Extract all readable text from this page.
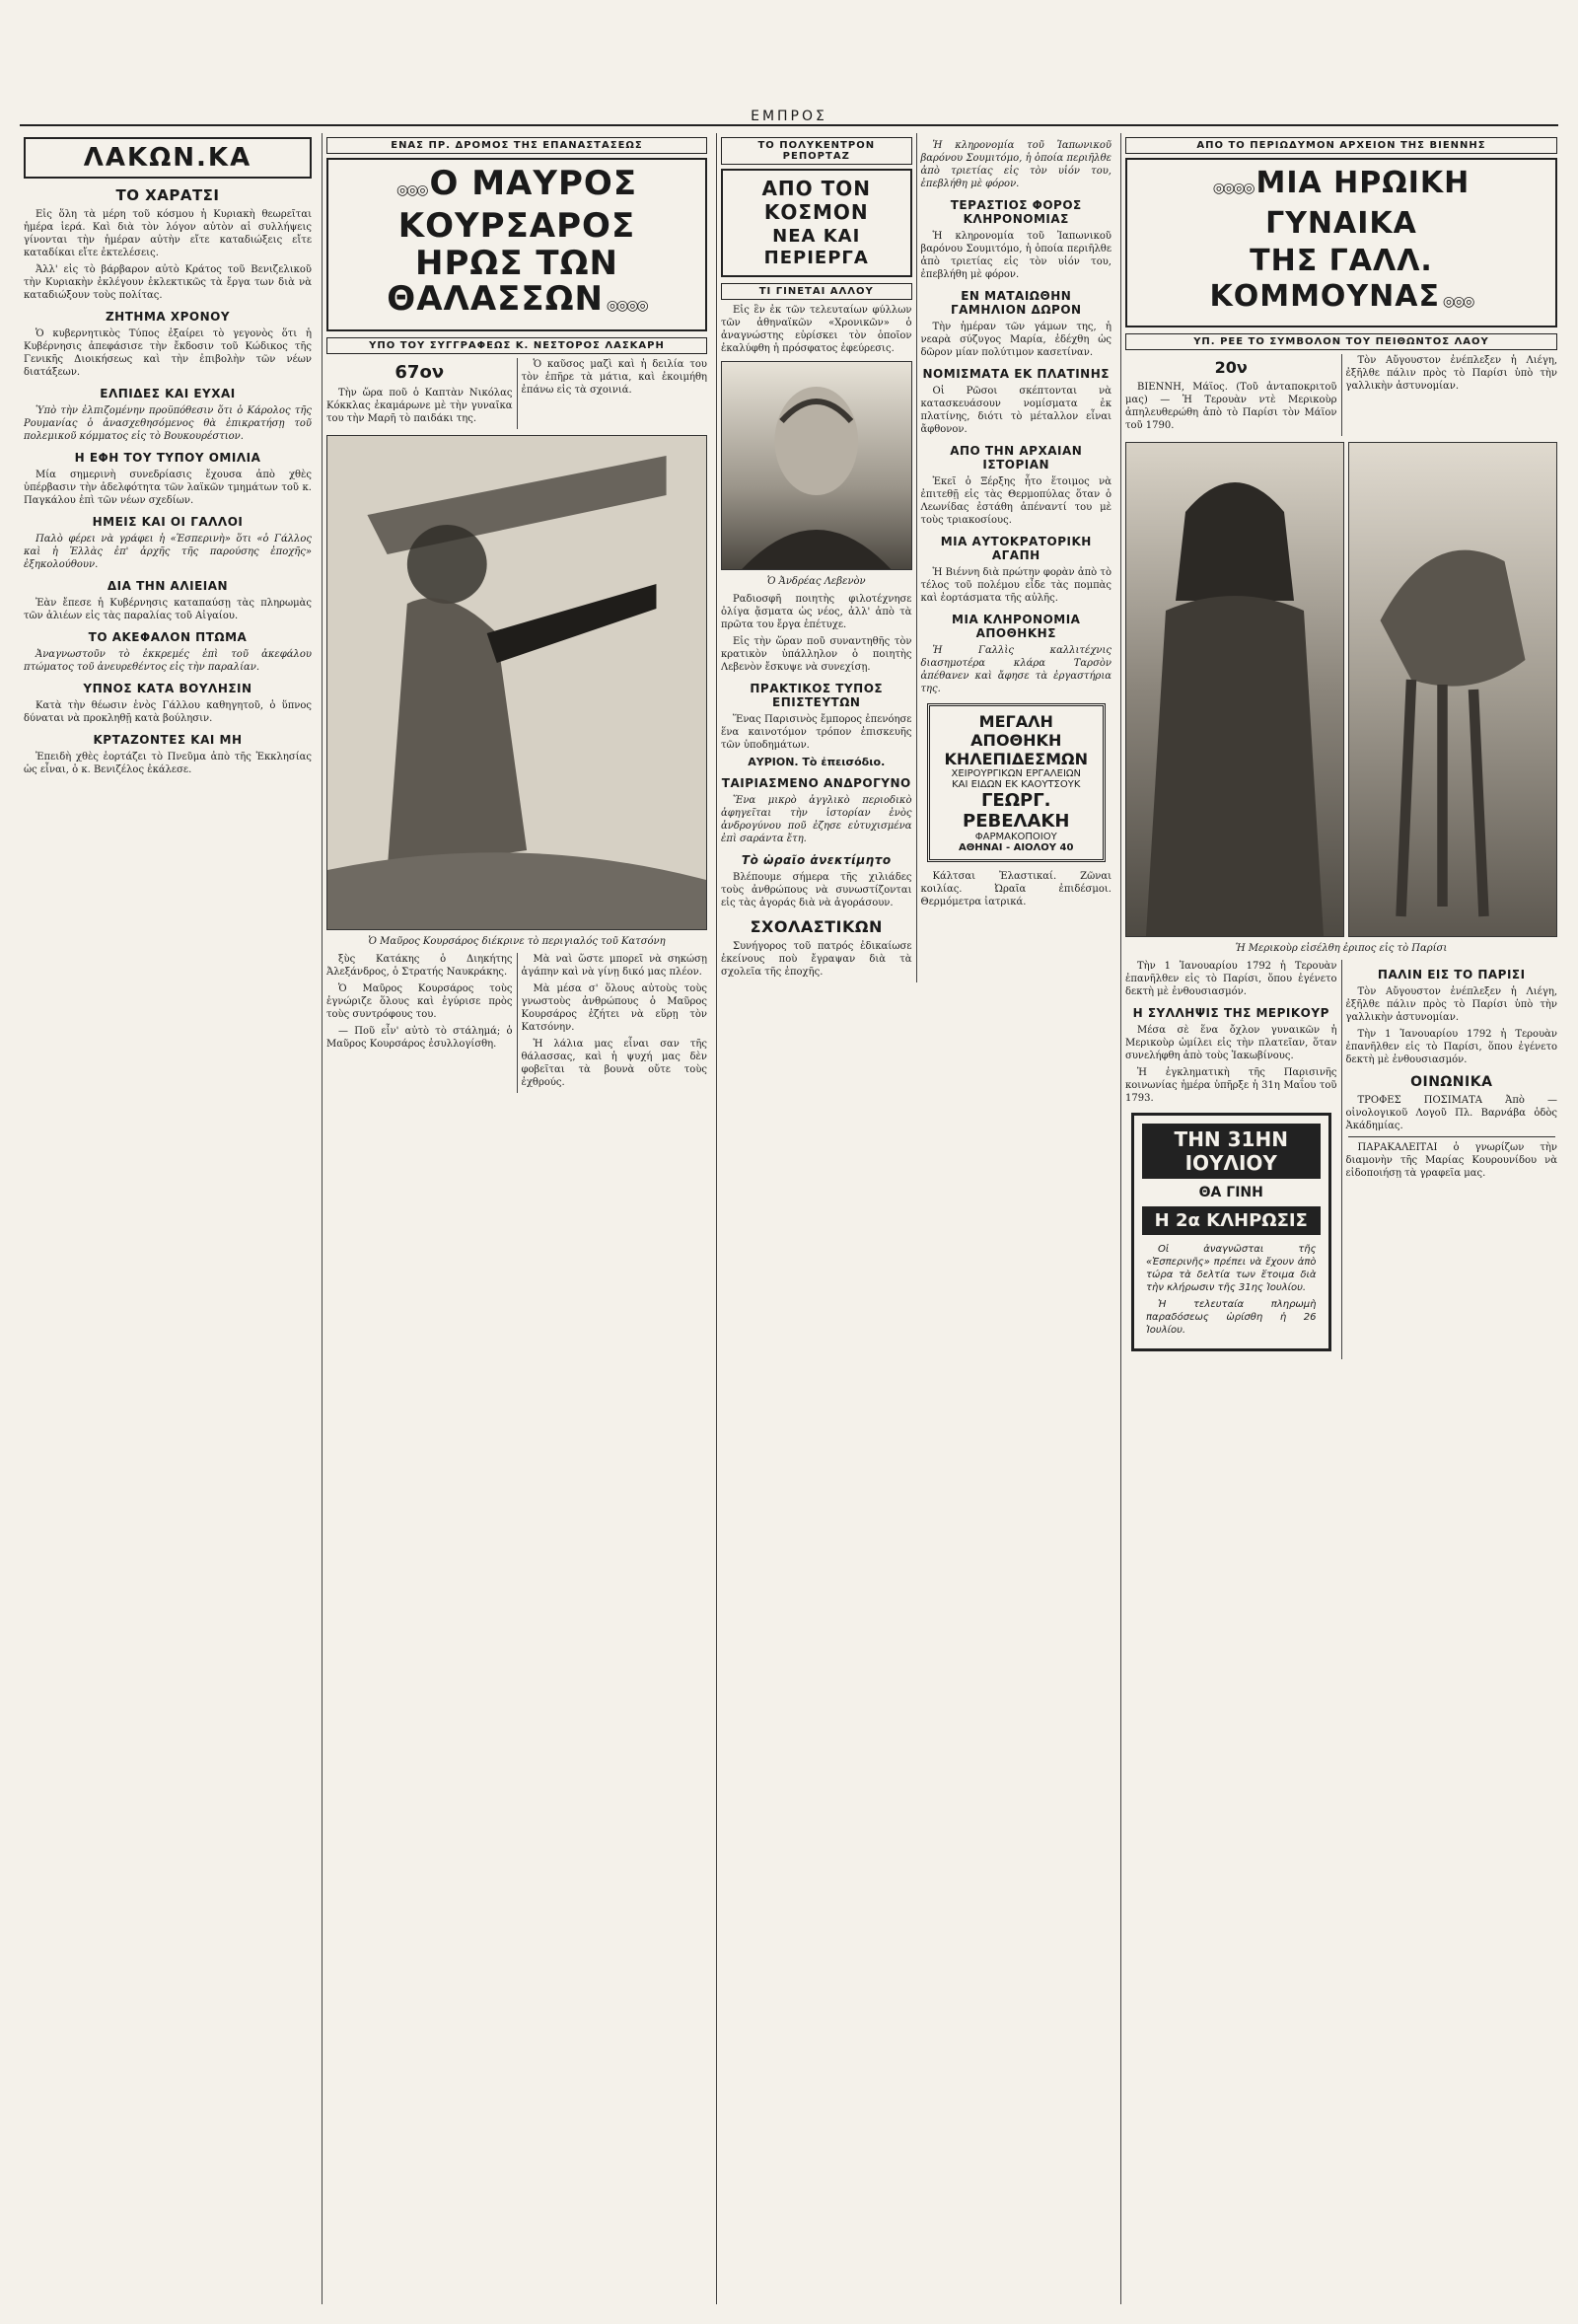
ΕΜΠΡΟΣ
ΛΑΚΩΝ.ΚΑ
ΤΟ ΧΑΡΑΤΣΙ

Εἰς ὅλη τὰ μέρη τοῦ κόσμου ἡ Κυριακὴ θεωρεῖται ἡμέρα ἱερά. Καὶ διὰ τὸν λόγον αὐτὸν αἱ συλλήψεις γίνονται τὴν ἡμέραν αὐτὴν εἴτε καταδιώξεις εἴτε καταδίκαι εἴτε ἐκτελέσεις.

Ἀλλ' εἰς τὸ βάρβαρον αὐτὸ Κράτος τοῦ Βενιζελικοῦ τὴν Κυριακὴν ἐκλέγουν ἐκλεκτικῶς τὰ ἔργα των διὰ νὰ καταδιώξουν τοὺς πολίτας.

ΖΗΤΗΜΑ ΧΡΟΝΟΥ

Ὁ κυβερνητικὸς Τύπος ἐξαίρει τὸ γεγονὸς ὅτι ἡ Κυβέρνησις ἀπεφάσισε τὴν ἔκδοσιν τοῦ Κώδικος τῆς Γενικῆς Διοικήσεως καὶ τὴν ἐπιβολὴν τῶν νέων διατάξεων.

ΕΛΠΙΔΕΣ ΚΑΙ ΕΥΧΑΙ

Ὑπὸ τὴν ἐλπιζομένην προϋπόθεσιν ὅτι ὁ Κάρολος τῆς Ρουμανίας ὁ ἀνασχεθησόμενος θὰ ἐπικρατήσῃ τοῦ πολεμικοῦ κόμματος εἰς τὸ Βουκουρέστιον.

Η ΕΦΗ ΤΟΥ ΤΥΠΟΥ ΟΜΙΛΙΑ

Μία σημερινὴ συνεδρίασις ἔχουσα ἀπὸ χθὲς ὑπέρβασιν τὴν ἀδελφότητα τῶν λαϊκῶν τμημάτων τοῦ κ. Παγκάλου ἐπὶ τῶν νέων σχεδίων.

ΗΜΕΙΣ ΚΑΙ ΟΙ ΓΑΛΛΟΙ

Παλὸ φέρει νὰ γράφει ἡ «Ἑσπερινὴ» ὅτι «ὁ Γάλλος καὶ ἡ Ἑλλὰς ἐπ' ἀρχῆς τῆς παρούσης ἐποχῆς» ἐξηκολούθουν.

ΔΙΑ ΤΗΝ ΑΛΙΕΙΑΝ

Ἐὰν ἔπεσε ἡ Κυβέρνησις καταπαύσῃ τὰς πληρωμὰς τῶν ἁλιέων εἰς τὰς παραλίας τοῦ Αἰγαίου.

ΤΟ ΑΚΕΦΑΛΟΝ ΠΤΩΜΑ

Ἀναγνωστοῦν τὸ ἐκκρεμές ἐπὶ τοῦ ἀκεφάλου πτώματος τοῦ ἀνευρεθέντος εἰς τὴν παραλίαν.

ΥΠΝΟΣ ΚΑΤΑ ΒΟΥΛΗΣΙΝ

Κατὰ τὴν θέωσιν ἑνὸς Γάλλου καθηγητοῦ, ὁ ὕπνος δύναται νὰ προκληθῇ κατὰ βούλησιν.

ΚΡΤΑΖΟΝΤΕΣ ΚΑΙ ΜΗ

Ἐπειδὴ χθὲς ἑορτάζει τὸ Πνεῦμα ἀπὸ τῆς Ἐκκλησίας ὡς εἶναι, ὁ κ. Βενιζέλος ἐκάλεσε.

ΕΝΑΣ ΠΡ. ΔΡΟΜΟΣ ΤΗΣ ΕΠΑΝΑΣΤΑΣΕΩΣ
◎◎◎ Ο ΜΑΥΡΟΣ ΚΟΥΡΣΑΡΟΣ
ΗΡΩΣ ΤΩΝ ΘΑΛΑΣΣΩΝ ◎◎◎◎
ΥΠΟ ΤΟΥ ΣΥΓΓΡΑΦΕΩΣ Κ. ΝΕΣΤΟΡΟΣ ΛΑΣΚΑΡΗ
67ον

Τὴν ὥρα ποῦ ὁ Καπτὰν Νικόλας Κόκκλας ἐκαμάρωνε μὲ τὴν γυναῖκα του τὴν Μαρῆ τὸ παιδάκι της.

Ὁ καῦσος μαζὶ καὶ ἡ δειλία του τὸν ἐπῆρε τὰ μάτια, καὶ ἐκοιμήθη ἐπάνω εἰς τὰ σχοινιά.

Ὁ Μαῦρος Κουρσάρος διέκρινε τὸ περιγιαλός τοῦ Κατσόνη

ξὺς Κατάκης ὁ Διηκήτης Ἀλεξάνδρος, ὁ Στρατής Ναυκράκης.

Ὁ Μαῦρος Κουρσάρος τοὺς ἐγνώριζε ὅλους καὶ ἐγύρισε πρὸς τοὺς συντρόφους του.

— Ποῦ εἶν' αὐτὸ τὸ στάλημά; ὁ Μαῦρος Κουρσάρος ἐσυλλογίσθη.

Μὰ ναὶ ὥστε μπορεῖ νὰ σηκώσῃ ἀγάπην καὶ νὰ γίνῃ δικό μας πλέον.

Μὰ μέσα σ' ὅλους αὐτοὺς τοὺς γνωστοὺς ἀνθρώπους ὁ Μαῦρος Κουρσάρος ἐζήτει νὰ εὕρῃ τὸν Κατσόνην.

Ἡ λάλια μας εἶναι σαν τῆς θάλασσας, καὶ ἡ ψυχή μας δὲν φοβεῖται τὰ βουνὰ οὔτε τοὺς ἐχθρούς.

ΤΟ ΠΟΛΥΚΕΝΤΡΟΝ ΡΕΠΟΡΤΑΖ
ΑΠΟ ΤΟΝ ΚΟΣΜΟΝ
ΝΕΑ ΚΑΙ ΠΕΡΙΕΡΓΑ
ΤΙ ΓΙΝΕΤΑΙ ΑΛΛΟΥ

Εἰς ἓν ἐκ τῶν τελευταίων φύλλων τῶν ἀθηναϊκῶν «Χρονικῶν» ὁ ἀναγνώστης εὑρίσκει τὸν ὁποῖον ἐκαλύφθη ἡ πρόσφατος ἐφεύρεσις.

Ὁ Ἀνδρέας Λεβενὸν

Ραδιοσφῆ ποιητὴς φιλοτέχνησε ὀλίγα ᾄσματα ὡς νέος, ἀλλ' ἀπὸ τὰ πρῶτα του ἔργα ἐπέτυχε.

Εἰς τὴν ὥραν ποῦ συναντηθῆς τὸν κρατικὸν ὑπάλληλον ὁ ποιητὴς Λεβενὸν ἔσκυψε νὰ συνεχίσῃ.

ΠΡΑΚΤΙΚΟΣ ΤΥΠΟΣ ΕΠΙΣΤΕΥΤΩΝ

Ἕνας Παρισινὸς ἔμπορος ἐπενόησε ἕνα καινοτόμον τρόπον ἐπισκευῆς τῶν ὑποδημάτων.

ΑΥΡΙΟΝ. Τὸ ἐπεισόδιο.
ΤΑΙΡΙΑΣΜΕΝΟ ΑΝΔΡΟΓΥΝΟ

Ἕνα μικρὸ ἀγγλικὸ περιοδικὸ ἀφηγεῖται τὴν ἱστορίαν ἑνὸς ἀνδρογύνου ποῦ ἐζησε εὐτυχισμένα ἐπὶ σαράντα ἔτη.

Τὸ ὡραῖο ἀνεκτίμητο

Βλέπουμε σήμερα τῆς χιλιάδες τοὺς ἀνθρώπους νὰ συνωστίζονται εἰς τὰς ἀγοράς διὰ νὰ ἀγοράσουν.

ΣΧΟΛΑΣΤΙΚΩΝ

Συνήγορος τοῦ πατρός ἐδικαίωσε ἐκείνους ποὺ ἔγραψαν διὰ τὰ σχολεῖα τῆς ἐποχῆς.

Ἡ κληρονομία τοῦ Ἰαπωνικοῦ βαρόνου Σουμιτόμο, ἡ ὁποία περιῆλθε ἀπὸ τριετίας εἰς τὸν υἱόν του, ἐπεβλήθη μὲ φόρον.

ΤΕΡΑΣΤΙΟΣ ΦΟΡΟΣ ΚΛΗΡΟΝΟΜΙΑΣ

Ἡ κληρονομία τοῦ Ἰαπωνικοῦ βαρόνου Σουμιτόμο, ἡ ὁποία περιῆλθε ἀπὸ τριετίας εἰς τὸν υἱόν του, ἐπεβλήθη μὲ φόρον.

ΕΝ ΜΑΤΑΙΩΘΗΝ ΓΑΜΗΛΙΟΝ ΔΩΡΟΝ

Τὴν ἡμέραν τῶν γάμων της, ἡ νεαρὰ σύζυγος Μαρία, ἐδέχθη ὡς δῶρον μίαν πολύτιμον κασετίναν.

ΝΟΜΙΣΜΑΤΑ ΕΚ ΠΛΑΤΙΝΗΣ

Οἱ Ρῶσοι σκέπτονται νὰ κατασκευάσουν νομίσματα ἐκ πλατίνης, διότι τὸ μέταλλον εἶναι ἄφθονον.

ΑΠΟ ΤΗΝ ΑΡΧΑΙΑΝ ΙΣΤΟΡΙΑΝ

Ἐκεῖ ὁ Ξέρξης ἦτο ἕτοιμος νὰ ἐπιτεθῇ εἰς τὰς Θερμοπύλας ὅταν ὁ Λεωνίδας ἐστάθη ἀπέναντί του μὲ τοὺς τριακοσίους.

ΜΙΑ ΑΥΤΟΚΡΑΤΟΡΙΚΗ ΑΓΑΠΗ

Ἡ Βιέννη διὰ πρώτην φορὰν ἀπὸ τὸ τέλος τοῦ πολέμου εἶδε τὰς πομπὰς καὶ ἐορτάσματα τῆς αὐλῆς.

ΜΙΑ ΚΛΗΡΟΝΟΜΙΑ ΑΠΟΘΗΚΗΣ

Ἡ Γαλλὶς καλλιτέχνις διασημοτέρα κλάρα Ταρσὸν ἀπέθανεν καὶ ἄφησε τὰ ἐργαστήρια της.

ΜΕΓΑΛΗ ΑΠΟΘΗΚΗ
ΚΗΛΕΠΙΔΕΣΜΩΝ
ΧΕΙΡΟΥΡΓΙΚΩΝ ΕΡΓΑΛΕΙΩΝ
ΚΑΙ ΕΙΔΩΝ ΕΚ ΚΑΟΥΤΣΟΥΚ
ΓΕΩΡΓ. ΡΕΒΕΛΑΚΗ
ΦΑΡΜΑΚΟΠΟΙΟΥ
ΑΘΗΝΑΙ - ΑΙΟΛΟΥ 40

Κάλτσαι Ἐλαστικαί. Ζῶναι κοιλίας. Ὠραῖα ἐπιδέσμοι. Θερμόμετρα ἰατρικά.

ΑΠΟ ΤΟ ΠΕΡΙΩΔΥΜΟΝ ΑΡΧΕΙΟΝ ΤΗΣ ΒΙΕΝΝΗΣ
◎◎◎◎ ΜΙΑ ΗΡΩΙΚΗ ΓΥΝΑΙΚΑ
ΤΗΣ ΓΑΛΛ. ΚΟΜΜΟΥΝΑΣ ◎◎◎
ΥΠ. ΡΕΕ ΤΟ ΣΥΜΒΟΛΟΝ ΤΟΥ ΠΕΙΘΩΝΤΟΣ ΛΑΟΥ
20ν

ΒΙΕΝΝΗ, Μάϊος. (Τοῦ ἀνταποκριτοῦ μας) — Ἡ Τερουὰν ντὲ Μερικοὺρ ἀπηλευθερώθη ἀπὸ τὸ Παρίσι τὸν Μάϊον τοῦ 1790.

Τὸν Αὔγουστον ἐνέπλεξεν ἡ Λιέγη, ἐξῆλθε πάλιν πρὸς τὸ Παρίσι ὑπὸ τὴν γαλλικὴν ἀστυνομίαν.

Ἡ Μερικοὺρ εἰσέλθη ἐριπος εἰς τὸ Παρίσι

Τὴν 1 Ἰανουαρίου 1792 ἡ Τερουὰν ἐπανῆλθεν εἰς τὸ Παρίσι, ὅπου ἐγένετο δεκτὴ μὲ ἐνθουσιασμόν.

Η ΣΥΛΛΗΨΙΣ ΤΗΣ ΜΕΡΙΚΟΥΡ

Μέσα σὲ ἕνα ὄχλον γυναικῶν ἡ Μερικοὺρ ὡμίλει εἰς τὴν πλατεῖαν, ὅταν συνελήφθη ἀπὸ τοὺς Ἰακωβίνους.

Ἡ ἐγκληματικὴ τῆς Παρισινῆς κοινωνίας ἡμέρα ὑπῆρξε ἡ 31η Μαΐου τοῦ 1793.

ΤΗΝ 31ΗΝ ΙΟΥΛΙΟΥ
ΘΑ ΓΙΝΗ
Η 2α ΚΛΗΡΩΣΙΣ

Οἱ ἀναγνῶσται τῆς «Ἑσπερινῆς» πρέπει νὰ ἔχουν ἀπὸ τώρα τὰ δελτία των ἕτοιμα διὰ τὴν κλήρωσιν τῆς 31ης Ἰουλίου.

Ἡ τελευταία πληρωμὴ παραδόσεως ὡρίσθη ἡ 26 Ἰουλίου.

ΠΑΛΙΝ ΕΙΣ ΤΟ ΠΑΡΙΣΙ

Τὸν Αὔγουστον ἐνέπλεξεν ἡ Λιέγη, ἐξῆλθε πάλιν πρὸς τὸ Παρίσι ὑπὸ τὴν γαλλικὴν ἀστυνομίαν.

Τὴν 1 Ἰανουαρίου 1792 ἡ Τερουὰν ἐπανῆλθεν εἰς τὸ Παρίσι, ὅπου ἐγένετο δεκτὴ μὲ ἐνθουσιασμόν.

ΟΙΝΩΝΙΚΑ

ΤΡΟΦΕΣ ΠΟΣΙΜΑΤΑ Ἀπὸ — οἰνολογικοῦ Λογοῦ Πλ. Βαρνάβα ὁδὸς Ἀκάδημίας.

ΠΑΡΑΚΑΛΕΙΤΑΙ ὁ γνωρίζων τὴν διαμονὴν τῆς Μαρίας Κουρουνίδου νὰ εἰδοποιήσῃ τὰ γραφεῖα μας.
